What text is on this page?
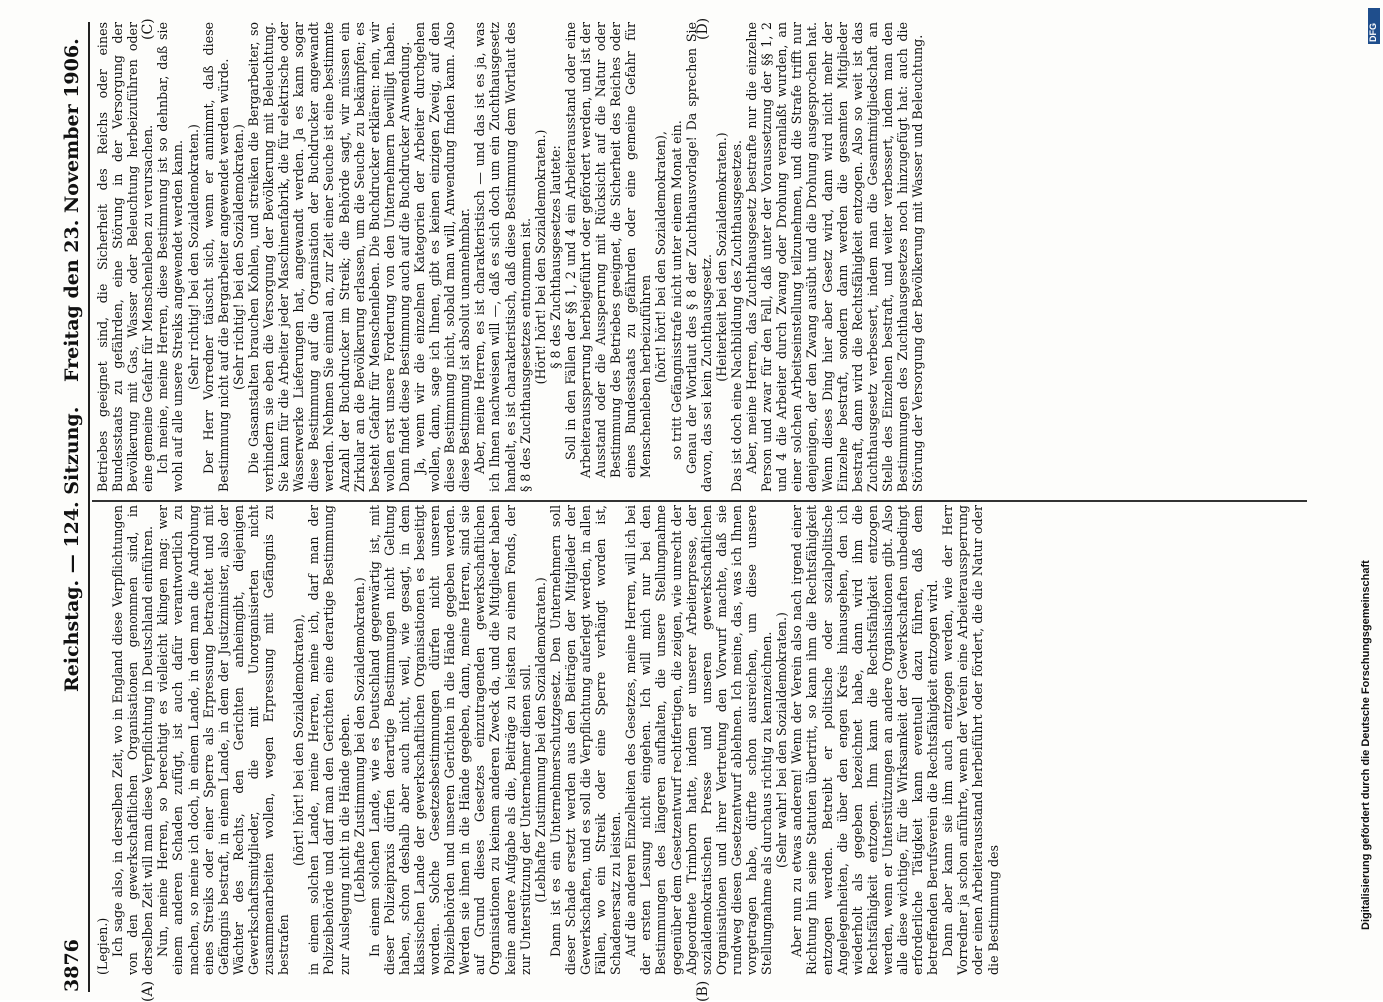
3876
Reichstag. — 124. Sitzung.
Freitag den 23. November 1906.
(A)	(B)
(C)	(D)

(Legien.) Ich sage also, in derselben Zeit, wo in England diese Verpflichtungen von den gewerkschaftlichen Organisationen genommen sind, in derselben Zeit will man diese Verpflichtung in Deutschland einführen. Nun, meine Herren, so berechtigt es vielleicht klingen mag: wer einem anderen Schaden zufügt, ist auch dafür verantwortlich zu machen, so meine ich doch, in einem Lande, in dem man die Androhung eines Streiks oder einer Sperre als Erpressung betrachtet und mit Gefängnis bestraft, in einem Lande, in dem der Justizminister, also der Wächter des Rechts, den Gerichten anheimgibt, diejenigen Gewerkschaftsmitglieder, die mit Unorganisierten nicht zusammenarbeiten wollen, wegen Erpressung mit Gefängnis zu bestrafen

(hört! hört! bei den Sozialdemokraten), in einem solchen Lande, meine Herren, meine ich, darf man der Polizeibehörde und darf man den Gerichten eine derartige Bestimmung zur Auslegung nicht in die Hände geben. (Lebhafte Zustimmung bei den Sozialdemokraten.) In einem solchen Lande, wie es Deutschland gegenwärtig ist, mit dieser Polizeipraxis dürfen derartige Bestimmungen nicht Geltung haben, schon deshalb aber auch nicht, weil, wie gesagt, in dem klassischen Lande der gewerkschaftlichen Organisationen es beseitigt worden. Solche Gesetzesbestimmungen dürfen nicht unseren Polizeibehörden und unseren Gerichten in die Hände gegeben werden. Werden sie ihnen in die Hände gegeben, dann, meine Herren, sind sie auf Grund dieses Gesetzes einzutragenden gewerkschaftlichen Organisationen zu keinem anderen Zweck da, und die Mitglieder haben keine andere Aufgabe als die, Beiträge zu leisten zu einem Fonds, der zur Unterstützung der Unternehmer dienen soll. (Lebhafte Zustimmung bei den Sozialdemokraten.) Dann ist es ein Unternehmerschutzgesetz. Den Unternehmern soll dieser Schade ersetzt werden aus den Beiträgen der Mitglieder der Gewerkschaften, und es soll die Verpflichtung auferlegt werden, in allen Fällen, wo ein Streik oder eine Sperre verhängt worden ist, Schadenersatz zu leisten. Auf die anderen Einzelheiten des Gesetzes, meine Herren, will ich bei der ersten Lesung nicht eingehen. Ich will mich nur bei den Bestimmungen des längeren aufhalten, die unsere Stellungnahme gegenüber dem Gesetzentwurf rechtfertigen, die zeigen, wie unrecht der Abgeordnete Trimborn hatte, indem er unserer Arbeiterpresse, der sozialdemokratischen Presse und unseren gewerkschaftlichen Organisationen und ihrer Vertretung den Vorwurf machte, daß sie rundweg diesen Gesetzentwurf ablehnen. Ich meine, das, was ich Ihnen vorgetragen habe, dürfte schon ausreichen, um diese unsere Stellungnahme als durchaus richtig zu kennzeichnen. (Sehr wahr! bei den Sozialdemokraten.) Aber nun zu etwas anderem! Wenn der Verein also nach irgend einer Richtung hin seine Statuten übertritt, so kann ihm die Rechtsfähigkeit entzogen werden. Betreibt er politische oder sozialpolitische Angelegenheiten, die über den engen Kreis hinausgehen, den ich wiederholt als gegeben bezeichnet habe, dann wird ihm die Rechtsfähigkeit entzogen. Ihm kann die Rechtsfähigkeit entzogen werden, wenn er Unterstützungen an andere Organisationen gibt. Also alle diese wichtige, für die Wirksamkeit der Gewerkschaften unbedingt erforderliche Tätigkeit kann eventuell dazu führen, daß dem betreffenden Berufsverein die Rechtsfähigkeit entzogen wird. Dann aber kann sie ihm auch entzogen werden, wie der Herr Vorredner ja schon anführte, wenn der Verein eine Arbeiteraussperrung oder einen Arbeiterausstand herbeiführt oder fördert, die die Natur oder die Bestimmung des

Betriebes geeignet sind, die Sicherheit des Reichs oder eines Bundesstaats zu gefährden, eine Störung in der Versorgung der Bevölkerung mit Gas, Wasser oder Beleuchtung herbeizuführen oder eine gemeine Gefahr für Menschenleben zu verursachen. Ich meine, meine Herren, diese Bestimmung ist so dehnbar, daß sie wohl auf alle unsere Streiks angewendet werden kann. (Sehr richtig! bei den Sozialdemokraten.) Der Herr Vorredner täuscht sich, wenn er annimmt, daß diese Bestimmung nicht auf die Bergarbeiter angewendet werden würde. (Sehr richtig! bei den Sozialdemokraten.) Die Gasanstalten brauchen Kohlen, und streiken die Bergarbeiter, so verhindern sie eben die Versorgung der Bevölkerung mit Beleuchtung. Sie kann für die Arbeiter jeder Maschinenfabrik, die für elektrische oder Wasserwerke Lieferungen hat, angewandt werden. Ja es kann sogar diese Bestimmung auf die Organisation der Buchdrucker angewandt werden. Nehmen Sie einmal an, zur Zeit einer Seuche ist eine bestimmte Anzahl der Buchdrucker im Streik; die Behörde sagt, wir müssen ein Zirkular an die Bevölkerung erlassen, um die Seuche zu bekämpfen; es besteht Gefahr für Menschenleben. Die Buchdrucker erklären: nein, wir wollen erst unsere Forderung von den Unternehmern bewilligt haben. Dann findet diese Bestimmung auch auf die Buchdrucker Anwendung. Ja, wenn wir die einzelnen Kategorien der Arbeiter durchgehen wollen, dann, sage ich Ihnen, gibt es keinen einzigen Zweig, auf den diese Bestimmung nicht, sobald man will, Anwendung finden kann. Also diese Bestimmung ist absolut unannehmbar. Aber, meine Herren, es ist charakteristisch — und das ist es ja, was ich Ihnen nachweisen will —, daß es sich doch um ein Zuchthausgesetz handelt, es ist charakteristisch, daß diese Bestimmung dem Wortlaut des § 8 des Zuchthausgesetzes entnommen ist. (Hört! hört! bei den Sozialdemokraten.) § 8 des Zuchthausgesetzes lautete: Soll in den Fällen der §§ 1, 2 und 4 ein Arbeiterausstand oder eine Arbeiteraussperrung herbeigeführt oder gefördert werden, und ist der Ausstand oder die Aussperrung mit Rücksicht auf die Natur oder Bestimmung des Betriebes geeignet, die Sicherheit des Reiches oder eines Bundesstaats zu gefährden oder eine gemeine Gefahr für Menschenleben herbeizuführen (hört! hört! bei den Sozialdemokraten), so tritt Gefängnisstrafe nicht unter einem Monat ein. Genau der Wortlaut des § 8 der Zuchthausvorlage! Da sprechen Sie davon, das sei kein Zuchthausgesetz. (Heiterkeit bei den Sozialdemokraten.) Das ist doch eine Nachbildung des Zuchthausgesetzes. Aber, meine Herren, das Zuchthausgesetz bestrafte nur die einzelne Person und zwar für den Fall, daß unter der Voraussetzung der §§ 1, 2 und 4 die Arbeiter durch Zwang oder Drohung veranlaßt wurden, an einer solchen Arbeitseinstellung teilzunehmen, und die Strafe trifft nur denjenigen, der den Zwang ausübt und die Drohung ausgesprochen hat. Wenn dieses Ding hier aber Gesetz wird, dann wird nicht mehr der Einzelne bestraft, sondern dann werden die gesamten Mitglieder bestraft, dann wird die Rechtsfähigkeit entzogen. Also so weit ist das Zuchthausgesetz verbessert, indem man die Gesamtmitgliedschaft an Stelle des Einzelnen bestraft, und weiter verbessert, indem man den Bestimmungen des Zuchthausgesetzes noch hinzugefügt hat: auch die Störung der Versorgung der Bevölkerung mit Wasser und Beleuchtung.

Digitalisierung gefördert durch die Deutsche Forschungsgemeinschaft
DFG
